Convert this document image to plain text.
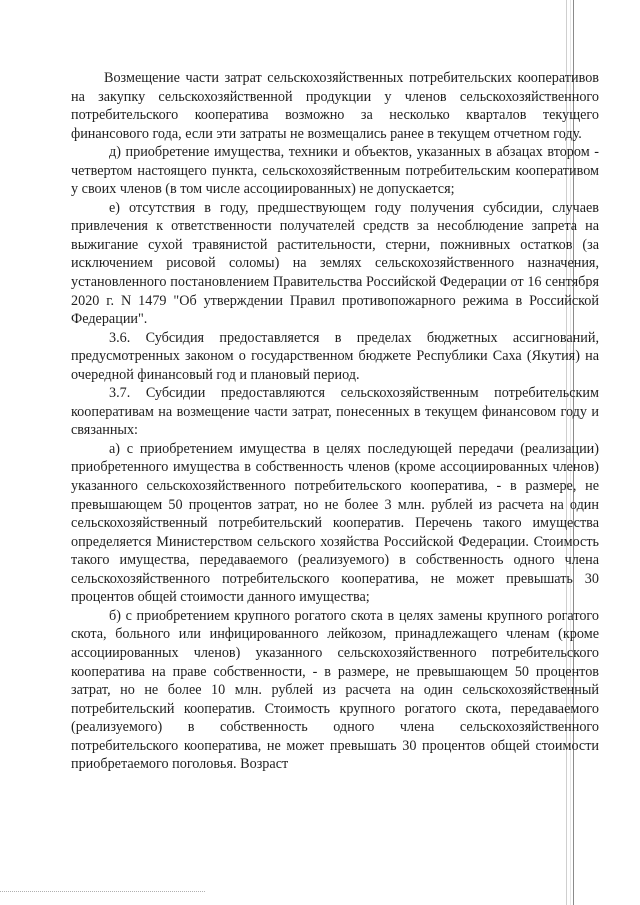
Возмещение части затрат сельскохозяйственных потребительских кооперативов на закупку сельскохозяйственной продукции у членов сельскохозяйственного потребительского кооператива возможно за несколько кварталов текущего финансового года, если эти затраты не возмещались ранее в текущем отчетном году.

д) приобретение имущества, техники и объектов, указанных в абзацах втором - четвертом настоящего пункта, сельскохозяйственным потребительским кооперативом у своих членов (в том числе ассоциированных) не допускается;

е) отсутствия в году, предшествующем году получения субсидии, случаев привлечения к ответственности получателей средств за несоблюдение запрета на выжигание сухой травянистой растительности, стерни, пожнивных остатков (за исключением рисовой соломы) на землях сельскохозяйственного назначения, установленного постановлением Правительства Российской Федерации от 16 сентября 2020 г. N 1479 "Об утверждении Правил противопожарного режима в Российской Федерации".

3.6. Субсидия предоставляется в пределах бюджетных ассигнований, предусмотренных законом о государственном бюджете Республики Саха (Якутия) на очередной финансовый год и плановый период.

3.7. Субсидии предоставляются сельскохозяйственным потребительским кооперативам на возмещение части затрат, понесенных в текущем финансовом году и связанных:

а) с приобретением имущества в целях последующей передачи (реализации) приобретенного имущества в собственность членов (кроме ассоциированных членов) указанного сельскохозяйственного потребительского кооператива, - в размере, не превышающем 50 процентов затрат, но не более 3 млн. рублей из расчета на один сельскохозяйственный потребительский кооператив. Перечень такого имущества определяется Министерством сельского хозяйства Российской Федерации. Стоимость такого имущества, передаваемого (реализуемого) в собственность одного члена сельскохозяйственного потребительского кооператива, не может превышать 30 процентов общей стоимости данного имущества;

б) с приобретением крупного рогатого скота в целях замены крупного рогатого скота, больного или инфицированного лейкозом, принадлежащего членам (кроме ассоциированных членов) указанного сельскохозяйственного потребительского кооператива на праве собственности, - в размере, не превышающем 50 процентов затрат, но не более 10 млн. рублей из расчета на один сельскохозяйственный потребительский кооператив. Стоимость крупного рогатого скота, передаваемого (реализуемого) в собственность одного члена сельскохозяйственного потребительского кооператива, не может превышать 30 процентов общей стоимости приобретаемого поголовья. Возраст
